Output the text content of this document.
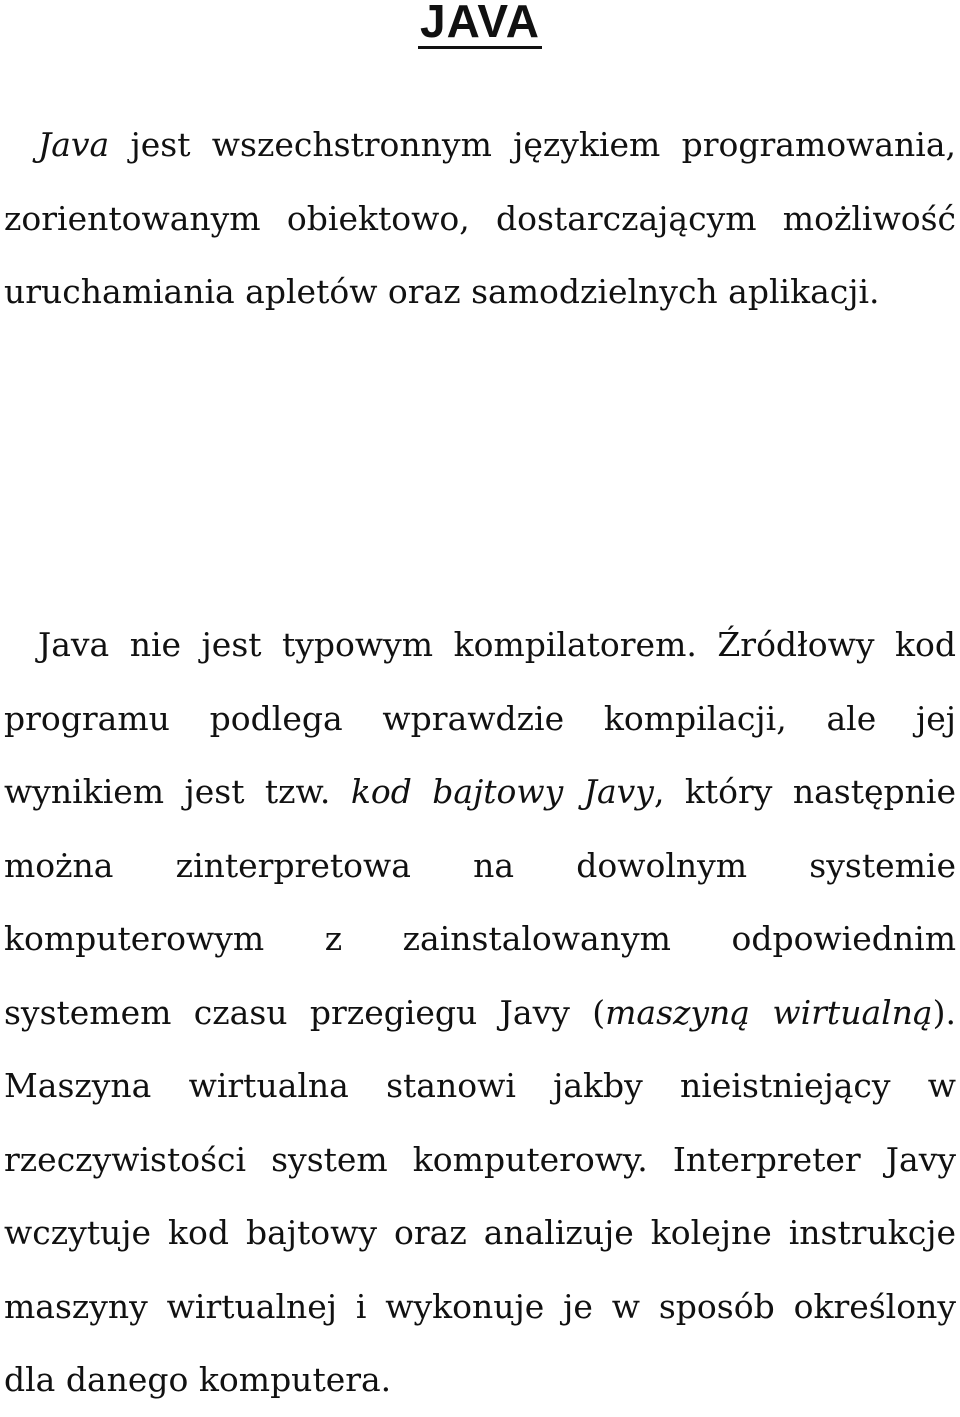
JAVA

Java jest wszechstronnym językiem programowania, zorientowanym obiektowo, dostarczającym możliwość uruchamiania apletów oraz samodzielnych aplikacji.

Java nie jest typowym kompilatorem. Źródłowy kod programu podlega wprawdzie kompilacji, ale jej wynikiem jest tzw. kod bajtowy Javy, który następnie można zinterpretowa na dowolnym systemie komputerowym z zainstalowanym odpowiednim systemem czasu przegiegu Javy (maszyną wirtualną). Maszyna wirtualna stanowi jakby nieistniejący w rzeczywistości system komputerowy. Interpreter Javy wczytuje kod bajtowy oraz analizuje kolejne instrukcje maszyny wirtualnej i wykonuje je w sposób określony dla danego komputera.
